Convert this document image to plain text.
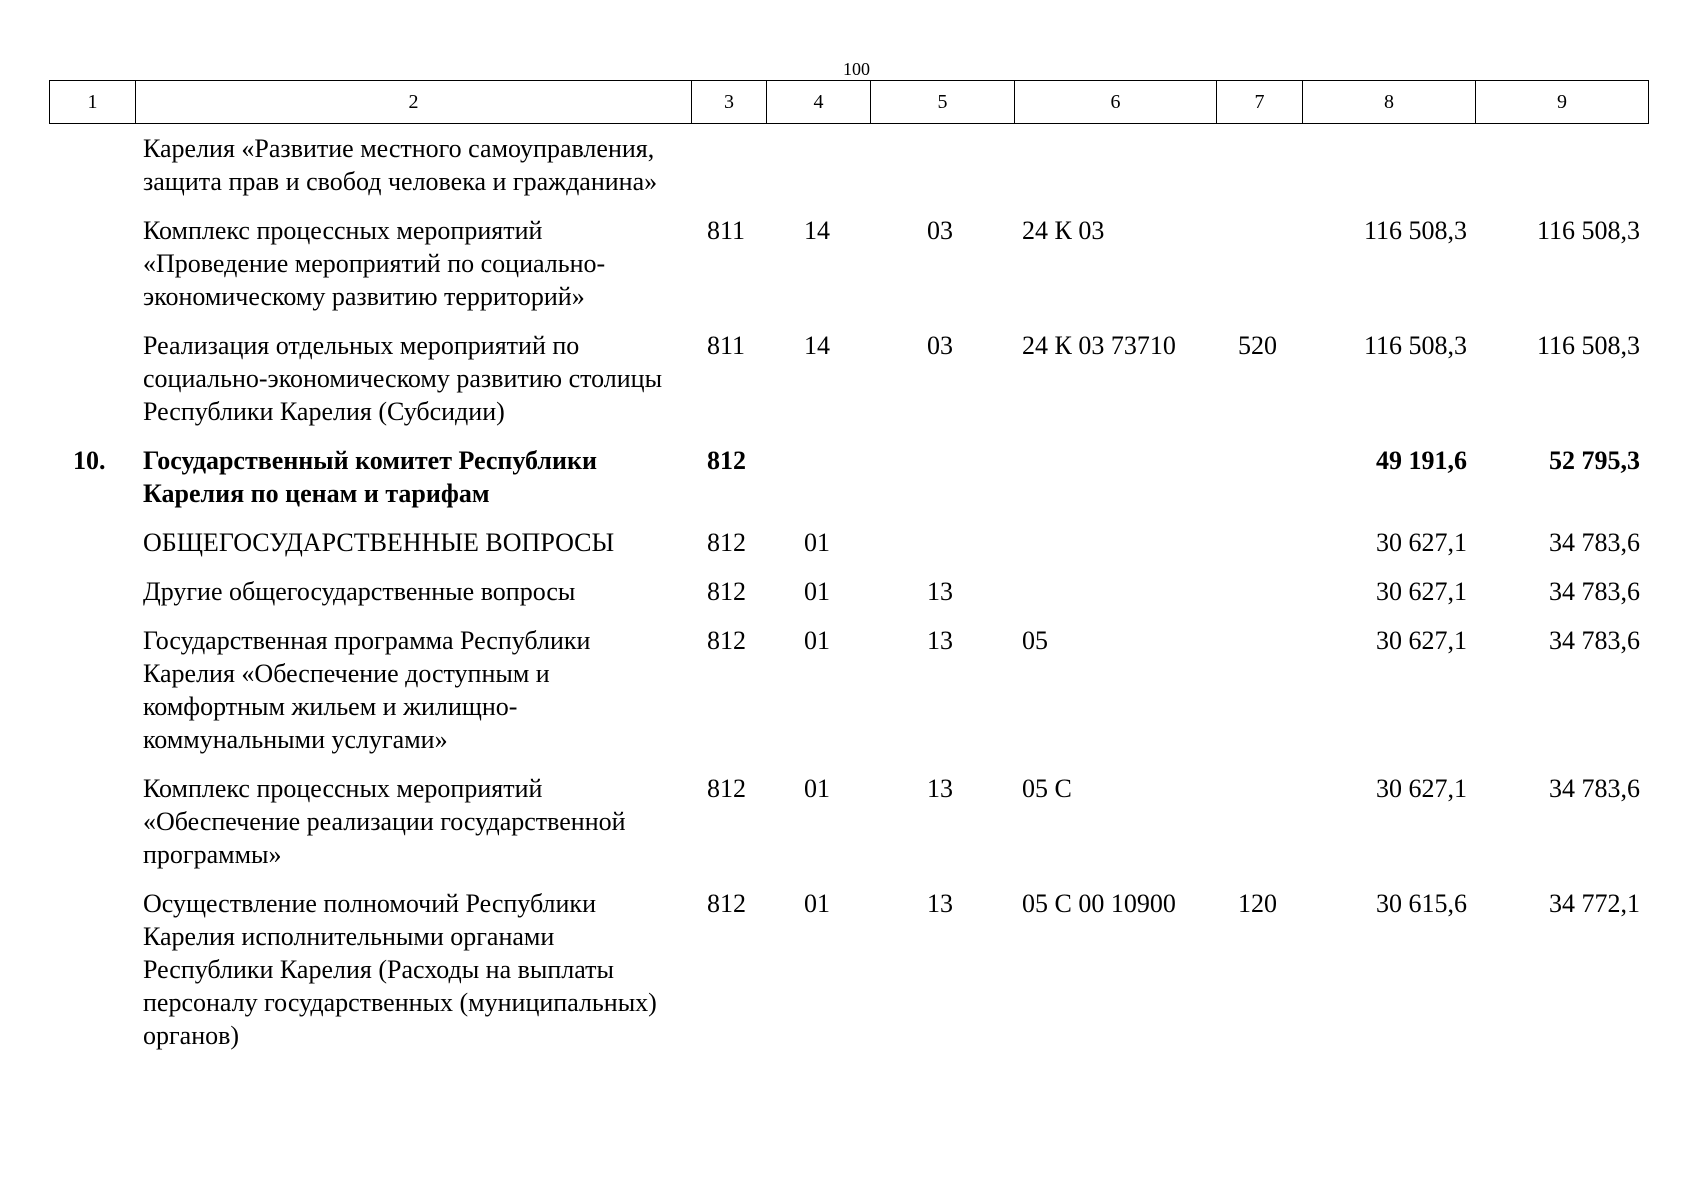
100
1	2	3	4	5	6	7	8	9
	Карелия «Развитие местного самоуправления, защита прав и свобод человека и гражданина»							
	Комплекс процессных мероприятий «Проведение мероприятий по социально-экономическому развитию территорий»	811	14	03	24 К 03		116 508,3	116 508,3
	Реализация отдельных мероприятий по социально-экономическому развитию столицы Республики Карелия (Субсидии)	811	14	03	24 К 03 73710	520	116 508,3	116 508,3
10.	Государственный комитет Республики Карелия по ценам и тарифам	812					49 191,6	52 795,3
	ОБЩЕГОСУДАРСТВЕННЫЕ ВОПРОСЫ	812	01				30 627,1	34 783,6
	Другие общегосударственные вопросы	812	01	13			30 627,1	34 783,6
	Государственная программа Республики Карелия «Обеспечение доступным и комфортным жильем и жилищно-коммунальными услугами»	812	01	13	05		30 627,1	34 783,6
	Комплекс процессных мероприятий «Обеспечение реализации государственной программы»	812	01	13	05 С		30 627,1	34 783,6
	Осуществление полномочий Республики Карелия исполнительными органами Республики Карелия (Расходы на выплаты персоналу государственных (муниципальных) органов)	812	01	13	05 С 00 10900	120	30 615,6	34 772,1
